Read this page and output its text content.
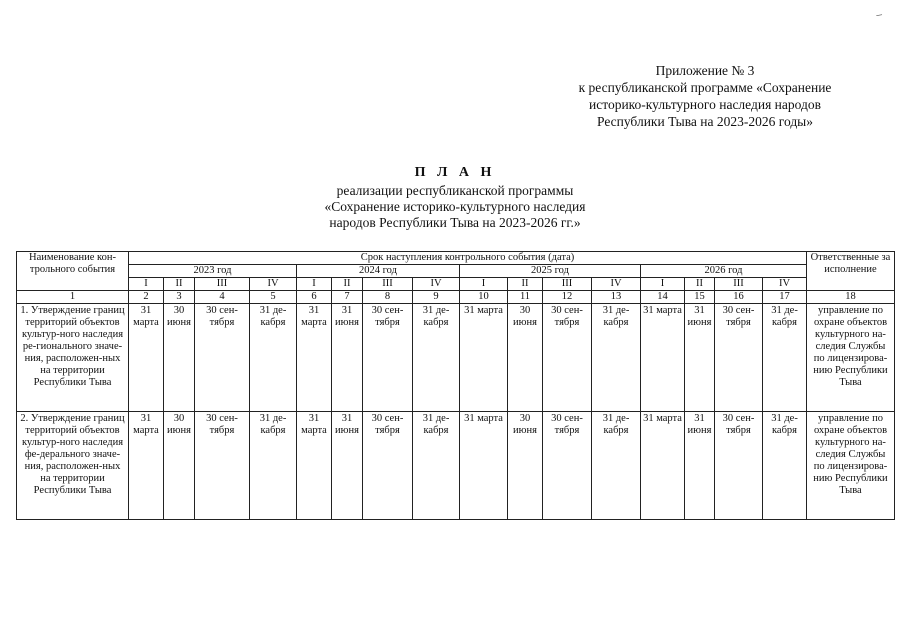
⸝
Приложение № 3
к республиканской программе «Сохранение
историко-культурного наследия народов
Республики Тыва на 2023-2026 годы»
П Л А Н
реализации республиканской программы
«Сохранение историко-культурного наследия
народов Республики Тыва на 2023-2026 гг.»
Наименование кон-трольного события	Срок наступления контрольного события (дата)																Ответственные за исполнение
	2023 год				2024 год				2025 год				2026 год				
	I	II	III	IV	I	II	III	IV	I	II	III	IV	I	II	III	IV	
1	2	3	4	5	6	7	8	9	10	11	12	13	14	15	16	17	18
1. Утверждение границ территорий объектов культур-ного наследия ре-гионального значе-ния, расположен-ных на территории Республики Тыва	31 марта	30 июня	30 сен-тября	31 де-кабря	31 марта	31 июня	30 сен-тября	31 де-кабря	31 марта	30 июня	30 сен-тября	31 де-кабря	31 марта	31 июня	30 сен-тября	31 де-кабря	управление по охране объектов культурного на-следия Службы по лицензирова-нию Республики Тыва
2. Утверждение границ территорий объектов культур-ного наследия фе-дерального значе-ния, расположен-ных на территории Республики Тыва	31 марта	30 июня	30 сен-тября	31 де-кабря	31 марта	31 июня	30 сен-тября	31 де-кабря	31 марта	30 июня	30 сен-тября	31 де-кабря	31 марта	31 июня	30 сен-тября	31 де-кабря	управление по охране объектов культурного на-следия Службы по лицензирова-нию Республики Тыва
